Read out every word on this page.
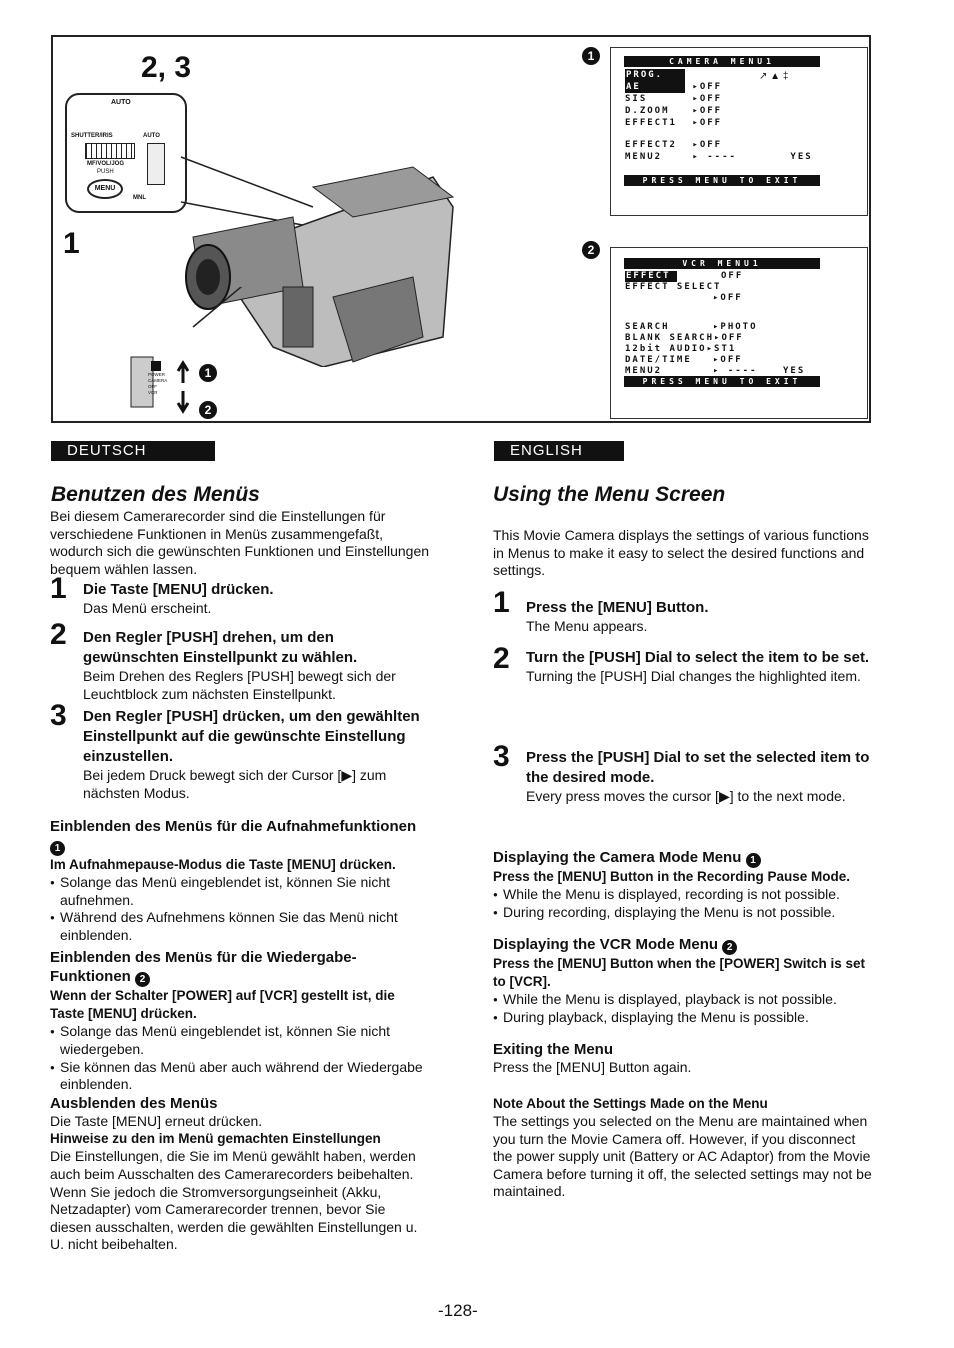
2, 3
1
AUTO
SHUTTER/IRIS	AUTO
MF/VOL/JOG
PUSH
MENU
MNL
POWER
CAMERA
OFF
VCR
1
2
1	CAMERA MENU1
PROG. AE	▸OFF
SIS	▸OFF
D.ZOOM	▸OFF
EFFECT1 ▸OFF
EFFECT2 ▸OFF
MENU2	▸ ----	YES
↗ ▲ ‡
PRESS MENU TO EXIT
2
VCR MENU1
EFFECT	OFF
EFFECT SELECT
▸OFF
SEARCH	▸PHOTO
BLANK SEARCH▸OFF
12bit AUDIO▸ST1
DATE/TIME ▸OFF
MENU2	▸ ----	YES
PRESS MENU TO EXIT
DEUTSCH
Benutzen des Menüs
Bei diesem Camerarecorder sind die Einstellungen für verschiedene Funktionen in Menüs zusammengefaßt, wodurch sich die gewünschten Funktionen und Einstellungen bequem wählen lassen.
1 Die Taste [MENU] drücken.
Das Menü erscheint.
2 Den Regler [PUSH] drehen, um den gewünschten Einstellpunkt zu wählen.
Beim Drehen des Reglers [PUSH] bewegt sich der Leuchtblock zum nächsten Einstellpunkt.
3 Den Regler [PUSH] drücken, um den gewählten Einstellpunkt auf die gewünschte Einstellung einzustellen.
Bei jedem Druck bewegt sich der Cursor [▶] zum nächsten Modus.
Einblenden des Menüs für die Aufnahmefunktionen 1
Im Aufnahmepause-Modus die Taste [MENU] drücken.
● Solange das Menü eingeblendet ist, können Sie nicht aufnehmen.
● Während des Aufnehmens können Sie das Menü nicht einblenden.
Einblenden des Menüs für die Wiedergabe-Funktionen 2
Wenn der Schalter [POWER] auf [VCR] gestellt ist, die Taste [MENU] drücken.
● Solange das Menü eingeblendet ist, können Sie nicht wiedergeben.
● Sie können das Menü aber auch während der Wiedergabe einblenden.
Ausblenden des Menüs
Die Taste [MENU] erneut drücken.
Hinweise zu den im Menü gemachten Einstellungen
Die Einstellungen, die Sie im Menü gewählt haben, werden auch beim Ausschalten des Camerarecorders beibehalten. Wenn Sie jedoch die Stromversorgungseinheit (Akku, Netzadapter) vom Camerarecorder trennen, bevor Sie diesen ausschalten, werden die gewählten Einstellungen u. U. nicht beibehalten.
ENGLISH
Using the Menu Screen
This Movie Camera displays the settings of various functions in Menus to make it easy to select the desired functions and settings.
1 Press the [MENU] Button.
The Menu appears.
2 Turn the [PUSH] Dial to select the item to be set.
Turning the [PUSH] Dial changes the highlighted item.
3 Press the [PUSH] Dial to set the selected item to the desired mode.
Every press moves the cursor [▶] to the next mode.
Displaying the Camera Mode Menu 1
Press the [MENU] Button in the Recording Pause Mode.
● While the Menu is displayed, recording is not possible.
● During recording, displaying the Menu is not possible.
Displaying the VCR Mode Menu 2
Press the [MENU] Button when the [POWER] Switch is set to [VCR].
● While the Menu is displayed, playback is not possible.
● During playback, displaying the Menu is possible.
Exiting the Menu
Press the [MENU] Button again.
Note About the Settings Made on the Menu
The settings you selected on the Menu are maintained when you turn the Movie Camera off. However, if you disconnect the power supply unit (Battery or AC Adaptor) from the Movie Camera before turning it off, the selected settings may not be maintained.
-128-
